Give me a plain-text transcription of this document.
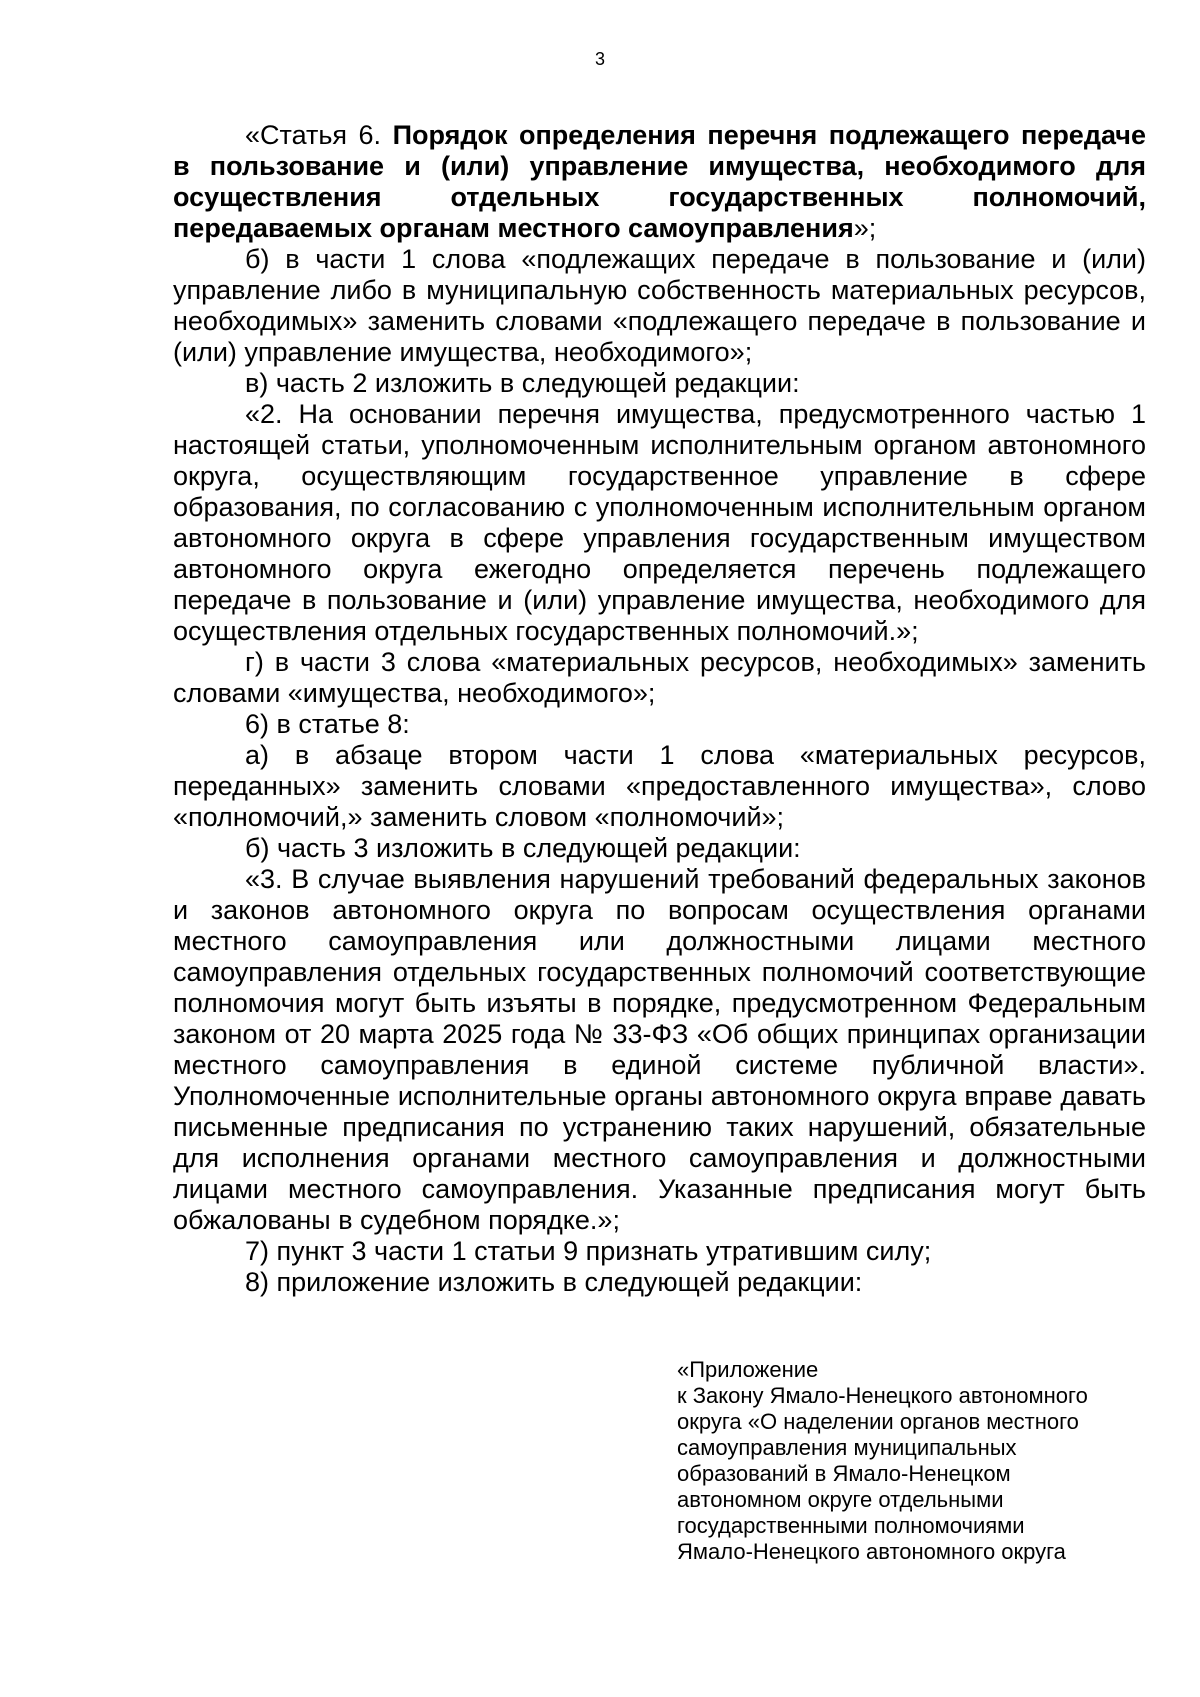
3

«Статья 6. Порядок определения перечня подлежащего передаче в пользование и (или) управление имущества, необходимого для осуществления отдельных государственных полномочий, передаваемых органам местного самоуправления»;

б) в части 1 слова «подлежащих передаче в пользование и (или) управление либо в муниципальную собственность материальных ресурсов, необходимых» заменить словами «подлежащего передаче в пользование и (или) управление имущества, необходимого»;

в) часть 2 изложить в следующей редакции:

«2. На основании перечня имущества, предусмотренного частью 1 настоящей статьи, уполномоченным исполнительным органом автономного округа, осуществляющим государственное управление в сфере образования, по согласованию с уполномоченным исполнительным органом автономного округа в сфере управления государственным имуществом автономного округа ежегодно определяется перечень подлежащего передаче в пользование и (или) управление имущества, необходимого для осуществления отдельных государственных полномочий.»;

г) в части 3 слова «материальных ресурсов, необходимых» заменить словами «имущества, необходимого»;

6) в статье 8:

а) в абзаце втором части 1 слова «материальных ресурсов, переданных» заменить словами «предоставленного имущества», слово «полномочий,» заменить словом «полномочий»;

б) часть 3 изложить в следующей редакции:

«3. В случае выявления нарушений требований федеральных законов и законов автономного округа по вопросам осуществления органами местного самоуправления или должностными лицами местного самоуправления отдельных государственных полномочий соответствующие полномочия могут быть изъяты в порядке, предусмотренном Федеральным законом от 20 марта 2025 года № 33-ФЗ «Об общих принципах организации местного самоуправления в единой системе публичной власти». Уполномоченные исполнительные органы автономного округа вправе давать письменные предписания по устранению таких нарушений, обязательные для исполнения органами местного самоуправления и должностными лицами местного самоуправления. Указанные предписания могут быть обжалованы в судебном порядке.»;

7) пункт 3 части 1 статьи 9 признать утратившим силу;

8) приложение изложить в следующей редакции:

«Приложение
к Закону Ямало-Ненецкого автономного
округа «О наделении органов местного
самоуправления муниципальных
образований в Ямало-Ненецком
автономном округе отдельными
государственными полномочиями
Ямало-Ненецкого автономного округа
